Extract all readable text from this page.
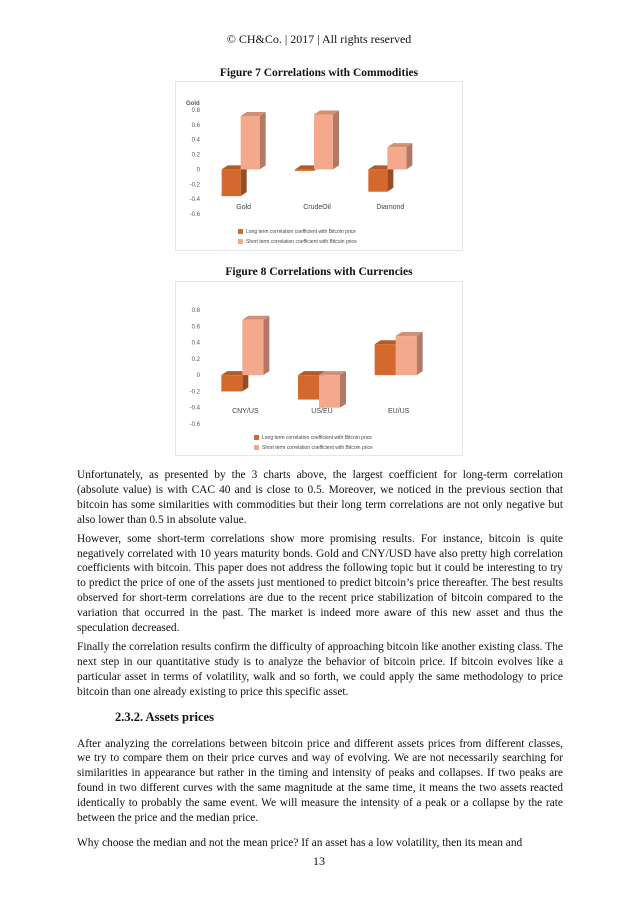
© CH&Co. | 2017 | All rights reserved
Figure 7 Correlations with Commodities
Gold
0.8
0.6
0.4
0.2
0
-0.2
-0.4
-0.6
Gold	CrudeOil	Diamond
Long term correlation coefficient with Bitcoin price
Short term correlation coefficient with Bitcoin price
Figure 8 Correlations with Currencies
0.8
0.6
0.4
0.2
0
-0.2
-0.4
-0.6
CNY/US	US/EU	EU/US
Long term correlation coefficient with Bitcoin price
Short term correlation coefficient with Bitcoin price

Unfortunately, as presented by the 3 charts above, the largest coefficient for long-term correlation (absolute value) is with CAC 40 and is close to 0.5. Moreover, we noticed in the previous section that bitcoin has some similarities with commodities but their long term correlations are not only negative but also lower than 0.5 in absolute value.

However, some short-term correlations show more promising results. For instance, bitcoin is quite negatively correlated with 10 years maturity bonds. Gold and CNY/USD have also pretty high correlation coefficients with bitcoin. This paper does not address the following topic but it could be interesting to try to predict the price of one of the assets just mentioned to predict bitcoin’s price thereafter. The best results observed for short-term correlations are due to the recent price stabilization of bitcoin compared to the variation that occurred in the past. The market is indeed more aware of this new asset and thus the speculation decreased.

Finally the correlation results confirm the difficulty of approaching bitcoin like another existing class. The next step in our quantitative study is to analyze the behavior of bitcoin price. If bitcoin evolves like a particular asset in terms of volatility, walk and so forth, we could apply the same methodology to price bitcoin than one already existing to price this specific asset.

2.3.2. Assets prices

After analyzing the correlations between bitcoin price and different assets prices from different classes, we try to compare them on their price curves and way of evolving. We are not necessarily searching for similarities in appearance but rather in the timing and intensity of peaks and collapses. If two peaks are found in two different curves with the same magnitude at the same time, it means the two assets reacted identically to probably the same event. We will measure the intensity of a peak or a collapse by the rate between the price and the median price.

Why choose the median and not the mean price? If an asset has a low volatility, then its mean and

13
